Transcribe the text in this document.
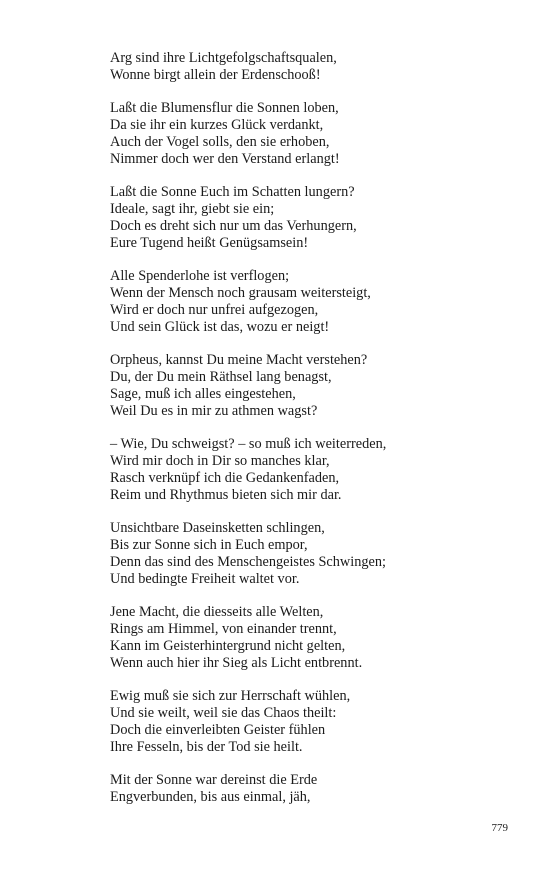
Arg sind ihre Lichtgefolgschaftsqualen,
Wonne birgt allein der Erdenschooß!
Laßt die Blumensflur die Sonnen loben,
Da sie ihr ein kurzes Glück verdankt,
Auch der Vogel solls, den sie erhoben,
Nimmer doch wer den Verstand erlangt!
Laßt die Sonne Euch im Schatten lungern?
Ideale, sagt ihr, giebt sie ein;
Doch es dreht sich nur um das Verhungern,
Eure Tugend heißt Genügsamsein!
Alle Spenderlohe ist verflogen;
Wenn der Mensch noch grausam weitersteigt,
Wird er doch nur unfrei aufgezogen,
Und sein Glück ist das, wozu er neigt!
Orpheus, kannst Du meine Macht verstehen?
Du, der Du mein Räthsel lang benagst,
Sage, muß ich alles eingestehen,
Weil Du es in mir zu athmen wagst?
– Wie, Du schweigst? – so muß ich weiterreden,
Wird mir doch in Dir so manches klar,
Rasch verknüpf ich die Gedankenfaden,
Reim und Rhythmus bieten sich mir dar.
Unsichtbare Daseinsketten schlingen,
Bis zur Sonne sich in Euch empor,
Denn das sind des Menschengeistes Schwingen;
Und bedingte Freiheit waltet vor.
Jene Macht, die diesseits alle Welten,
Rings am Himmel, von einander trennt,
Kann im Geisterhintergrund nicht gelten,
Wenn auch hier ihr Sieg als Licht entbrennt.
Ewig muß sie sich zur Herrschaft wühlen,
Und sie weilt, weil sie das Chaos theilt:
Doch die einverleibten Geister fühlen
Ihre Fesseln, bis der Tod sie heilt.
Mit der Sonne war dereinst die Erde
Engverbunden, bis aus einmal, jäh,
779
